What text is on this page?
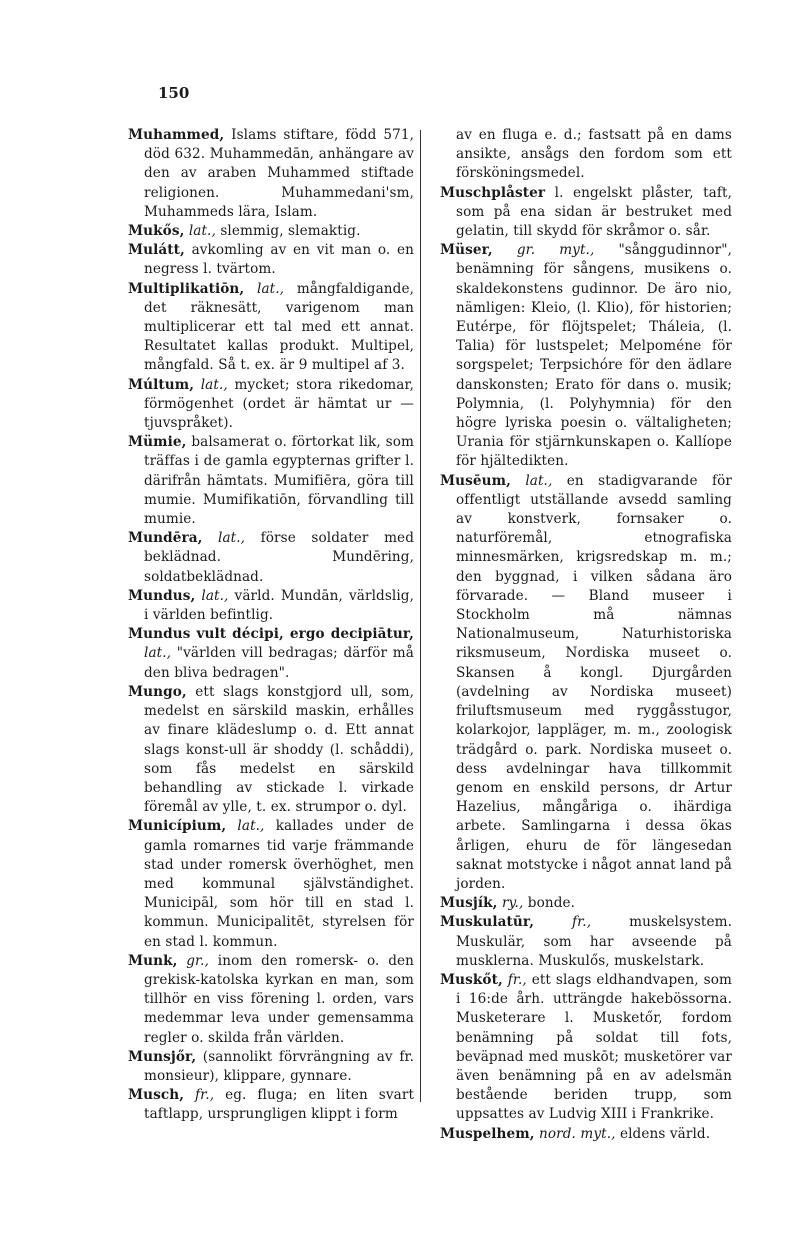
150

Muhammed, Islams stiftare, född 571, död 632. Muhammedān, anhängare av den av araben Muhammed stiftade religionen. Muhammedani'sm, Muhammeds lära, Islam.

Mukős, lat., slemmig, slemaktig.

Mulátt, avkomling av en vit man o. en negress l. tvärtom.

Multiplikatiōn, lat., mångfaldigande, det räknesätt, varigenom man multiplicerar ett tal med ett annat. Resultatet kallas produkt. Multipel, mångfald. Så t. ex. är 9 multipel af 3.

Múltum, lat., mycket; stora rikedomar, förmögenhet (ordet är hämtat ur — tjuvspråket).

Mümie, balsamerat o. förtorkat lik, som träffas i de gamla egypternas grifter l. därifrån hämtats. Mumifiēra, göra till mumie. Mumifikatiōn, förvandling till mumie.

Mundēra, lat., förse soldater med beklädnad. Mundēring, soldatbeklädnad.

Mundus, lat., värld. Mundān, världslig, i världen befintlig.

Mundus vult décipi, ergo decipiātur, lat., "världen vill bedragas; därför må den bliva bedragen".

Mungo, ett slags konstgjord ull, som, medelst en särskild maskin, erhålles av finare klädeslump o. d. Ett annat slags konst-ull är shoddy (l. schåddi), som fås medelst en särskild behandling av stickade l. virkade föremål av ylle, t. ex. strumpor o. dyl.

Municípium, lat., kallades under de gamla romarnes tid varje främmande stad under romersk överhöghet, men med kommunal självständighet. Municipāl, som hör till en stad l. kommun. Municipalitēt, styrelsen för en stad l. kommun.

Munk, gr., inom den romersk- o. den grekisk-katolska kyrkan en man, som tillhör en viss förening l. orden, vars medemmar leva under gemensamma regler o. skilda från världen.

Munsjőr, (sannolikt förvrängning av fr. monsieur), klippare, gynnare.

Musch, fr., eg. fluga; en liten svart taftlapp, ursprungligen klippt i form

av en fluga e. d.; fastsatt på en dams ansikte, ansågs den fordom som ett försköningsmedel.

Muschplåster l. engelskt plåster, taft, som på ena sidan är bestruket med gelatin, till skydd för skråmor o. sår.

Müser, gr. myt., "sånggudinnor", benämning för sångens, musikens o. skaldekonstens gudinnor. De äro nio, nämligen: Kleio, (l. Klio), för historien; Eutérpe, för flöjtspelet; Tháleia, (l. Talia) för lustspelet; Melpoméne för sorgspelet; Terpsichóre för den ädlare danskonsten; Erato för dans o. musik; Polymnia, (l. Polyhymnia) för den högre lyriska poesin o. vältaligheten; Urania för stjärnkunskapen o. Kallíope för hjältedikten.

Musēum, lat., en stadigvarande för offentligt utställande avsedd samling av konstverk, fornsaker o. naturföremål, etnografiska minnesmärken, krigsredskap m. m.; den byggnad, i vilken sådana äro förvarade. — Bland museer i Stockholm må nämnas Nationalmuseum, Naturhistoriska riksmuseum, Nordiska museet o. Skansen å kongl. Djurgården (avdelning av Nordiska museet) friluftsmuseum med ryggåsstugor, kolarkojor, lappläger, m. m., zoologisk trädgård o. park. Nordiska museet o. dess avdelningar hava tillkommit genom en enskild persons, dr Artur Hazelius, mångåriga o. ihärdiga arbete. Samlingarna i dessa ökas årligen, ehuru de för längesedan saknat motstycke i något annat land på jorden.

Musjík, ry., bonde.

Muskulatūr,	fr.,	muskelsystem. Muskulär, som har avseende på musklerna. Muskulős, muskelstark.

Muskőt, fr., ett slags eldhandvapen, som i 16:de årh. utträngde hakebössorna. Musketerare l. Musketőr, fordom benämning på soldat till fots, beväpnad med muskōt; musketörer var även benämning på en av adelsmän bestående beriden trupp, som uppsattes av Ludvig XIII i Frankrike.

Muspelhem, nord. myt., eldens värld.
